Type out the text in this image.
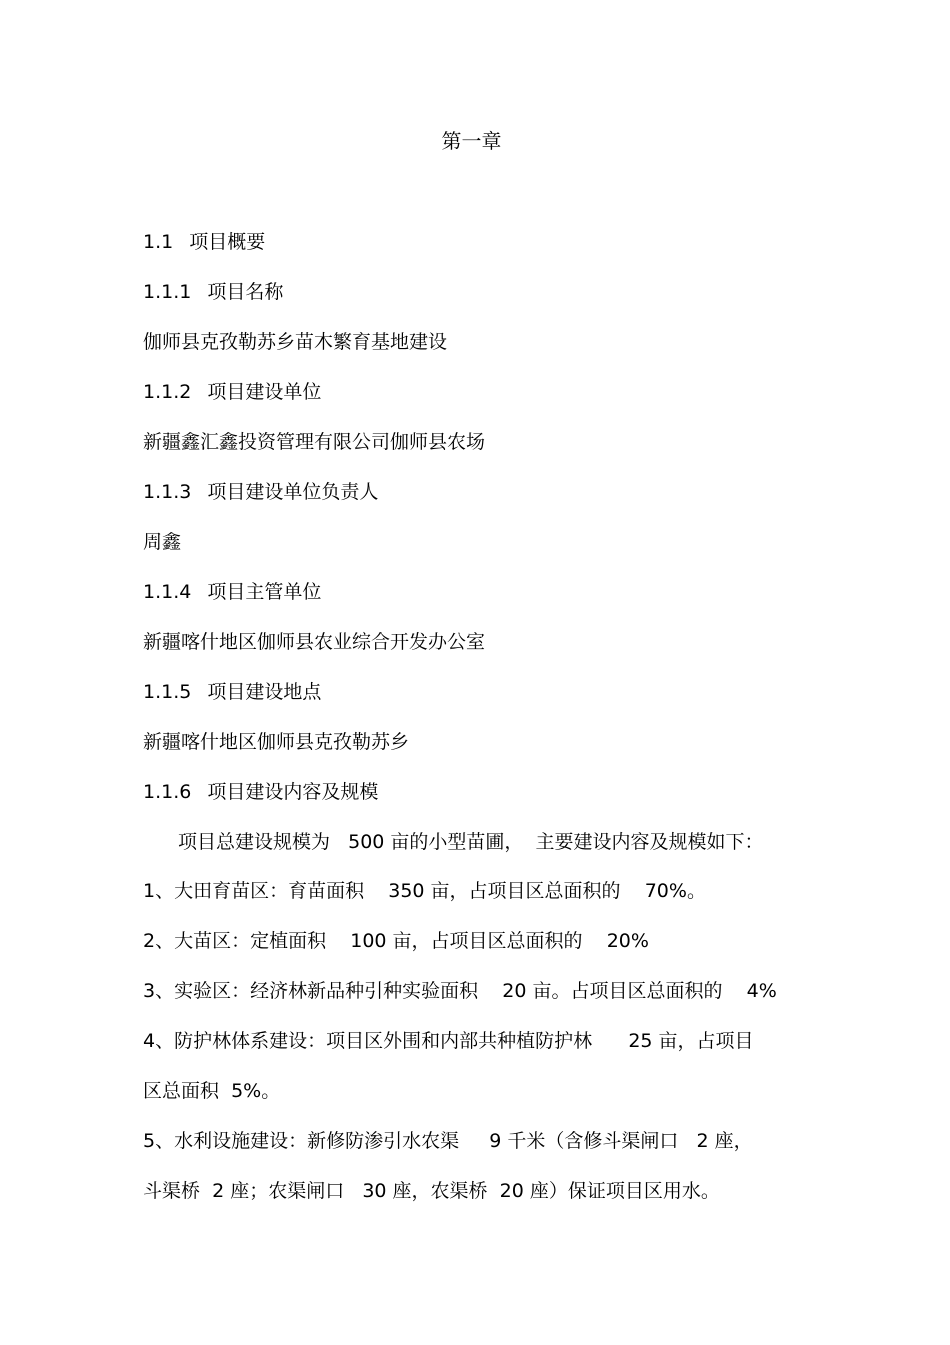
第一章
1.1 项目概要
1.1.1 项目名称
伽师县克孜勒苏乡苗木繁育基地建设
1.1.2 项目建设单位
新疆鑫汇鑫投资管理有限公司伽师县农场
1.1.3 项目建设单位负责人
周鑫
1.1.4 项目主管单位
新疆喀什地区伽师县农业综合开发办公室
1.1.5 项目建设地点
新疆喀什地区伽师县克孜勒苏乡
1.1.6 项目建设内容及规模
项目总建设规模为   500 亩的小型苗圃，  主要建设内容及规模如下：
1、大田育苗区：育苗面积    350 亩，占项目区总面积的    70%。
2、大苗区：定植面积    100 亩，占项目区总面积的    20%
3、实验区：经济林新品种引种实验面积    20 亩。占项目区总面积的    4%
4、防护林体系建设：项目区外围和内部共种植防护林      25 亩，占项目
区总面积  5%。
5、水利设施建设：新修防渗引水农渠     9 千米（含修斗渠闸口   2 座，
斗渠桥  2 座；农渠闸口   30 座，农渠桥  20 座）保证项目区用水。
